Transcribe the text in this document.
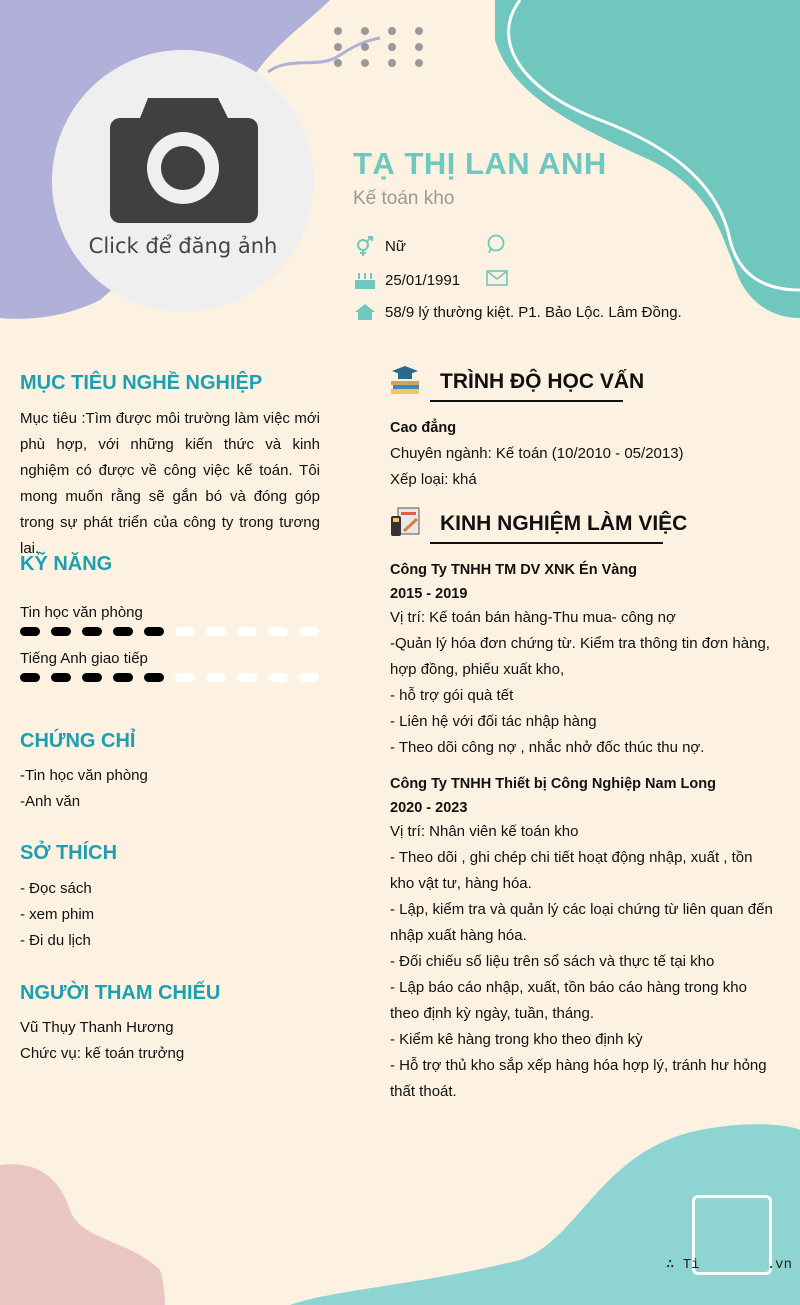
Click để đăng ảnh
TẠ THỊ LAN ANH
Kế toán kho
Nữ
25/01/1991
58/9 lý thường kiệt. P1. Bảo Lộc. Lâm Đồng.
MỤC TIÊU NGHỀ NGHIỆP
Mục tiêu :Tìm được môi trường làm việc mới phù hợp, với những kiến thức và kinh nghiệm có được về công việc kế toán. Tôi mong muốn rằng sẽ gắn bó và đóng góp trong sự phát triển của công ty trong tương lai.
KỸ NĂNG
Tin học văn phòng
Tiếng Anh giao tiếp
CHỨNG CHỈ
-Tin học văn phòng
-Anh văn
SỞ THÍCH
- Đọc sách
- xem phim
- Đi du lịch
NGƯỜI THAM CHIẾU
Vũ Thụy Thanh Hương
Chức vụ: kế toán trưởng
TRÌNH ĐỘ HỌC VẤN
Cao đẳng
Chuyên ngành: Kế toán (10/2010 - 05/2013)
Xếp loại: khá
KINH NGHIỆM LÀM VIỆC
Công Ty TNHH TM DV XNK Én Vàng
2015 - 2019
Vị trí: Kế toán bán hàng-Thu mua- công nợ
-Quản lý hóa đơn chứng từ. Kiểm tra thông tin đơn hàng, hợp đồng, phiếu xuất kho,
- hỗ trợ gói quà tết
- Liên hệ với đối tác nhập hàng
- Theo dõi công nợ , nhắc nhở đốc thúc thu nợ.
Công Ty TNHH Thiết bị Công Nghiệp Nam Long
2020 - 2023
Vị trí: Nhân viên kế toán kho
- Theo dõi , ghi chép chi tiết hoạt động nhập, xuất , tồn kho vật tư, hàng hóa.
- Lập, kiểm tra và quản lý các loại chứng từ liên quan đến nhập xuất hàng hóa.
- Đối chiếu số liệu trên sổ sách và thực tế tại kho
- Lập báo cáo nhập, xuất, tồn báo cáo hàng trong kho theo định kỳ ngày, tuần, tháng.
- Kiểm kê hàng trong kho theo định kỳ
- Hỗ trợ thủ kho sắp xếp hàng hóa hợp lý, tránh hư hỏng thất thoát.
∴ Ti        .vn
